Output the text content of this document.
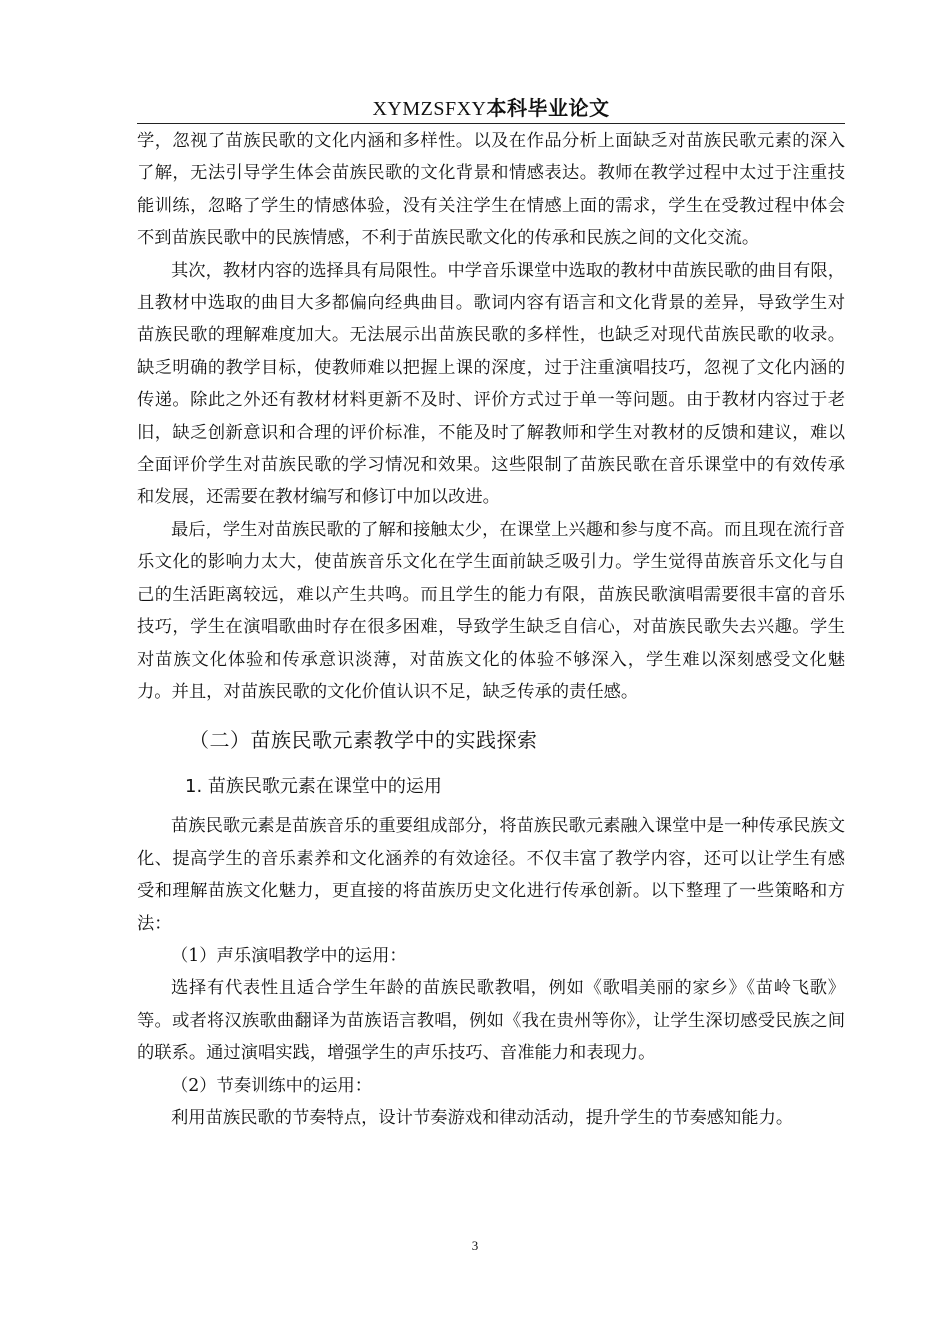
XYMZSFXY本科毕业论文

学，忽视了苗族民歌的文化内涵和多样性。以及在作品分析上面缺乏对苗族民歌元素的深入了解，无法引导学生体会苗族民歌的文化背景和情感表达。教师在教学过程中太过于注重技能训练，忽略了学生的情感体验，没有关注学生在情感上面的需求，学生在受教过程中体会不到苗族民歌中的民族情感，不利于苗族民歌文化的传承和民族之间的文化交流。

其次，教材内容的选择具有局限性。中学音乐课堂中选取的教材中苗族民歌的曲目有限，且教材中选取的曲目大多都偏向经典曲目。歌词内容有语言和文化背景的差异，导致学生对苗族民歌的理解难度加大。无法展示出苗族民歌的多样性，也缺乏对现代苗族民歌的收录。缺乏明确的教学目标，使教师难以把握上课的深度，过于注重演唱技巧，忽视了文化内涵的传递。除此之外还有教材材料更新不及时、评价方式过于单一等问题。由于教材内容过于老旧，缺乏创新意识和合理的评价标准，不能及时了解教师和学生对教材的反馈和建议，难以全面评价学生对苗族民歌的学习情况和效果。这些限制了苗族民歌在音乐课堂中的有效传承和发展，还需要在教材编写和修订中加以改进。

最后，学生对苗族民歌的了解和接触太少，在课堂上兴趣和参与度不高。而且现在流行音乐文化的影响力太大，使苗族音乐文化在学生面前缺乏吸引力。学生觉得苗族音乐文化与自己的生活距离较远，难以产生共鸣。而且学生的能力有限，苗族民歌演唱需要很丰富的音乐技巧，学生在演唱歌曲时存在很多困难，导致学生缺乏自信心，对苗族民歌失去兴趣。学生对苗族文化体验和传承意识淡薄，对苗族文化的体验不够深入，学生难以深刻感受文化魅力。并且，对苗族民歌的文化价值认识不足，缺乏传承的责任感。

（二）苗族民歌元素教学中的实践探索
1. 苗族民歌元素在课堂中的运用

苗族民歌元素是苗族音乐的重要组成部分，将苗族民歌元素融入课堂中是一种传承民族文化、提高学生的音乐素养和文化涵养的有效途径。不仅丰富了教学内容，还可以让学生有感受和理解苗族文化魅力，更直接的将苗族历史文化进行传承创新。以下整理了一些策略和方法：

（1）声乐演唱教学中的运用：

选择有代表性且适合学生年龄的苗族民歌教唱，例如《歌唱美丽的家乡》《苗岭飞歌》等。或者将汉族歌曲翻译为苗族语言教唱，例如《我在贵州等你》，让学生深切感受民族之间的联系。通过演唱实践，增强学生的声乐技巧、音准能力和表现力。

（2）节奏训练中的运用：

利用苗族民歌的节奏特点，设计节奏游戏和律动活动，提升学生的节奏感知能力。

3
